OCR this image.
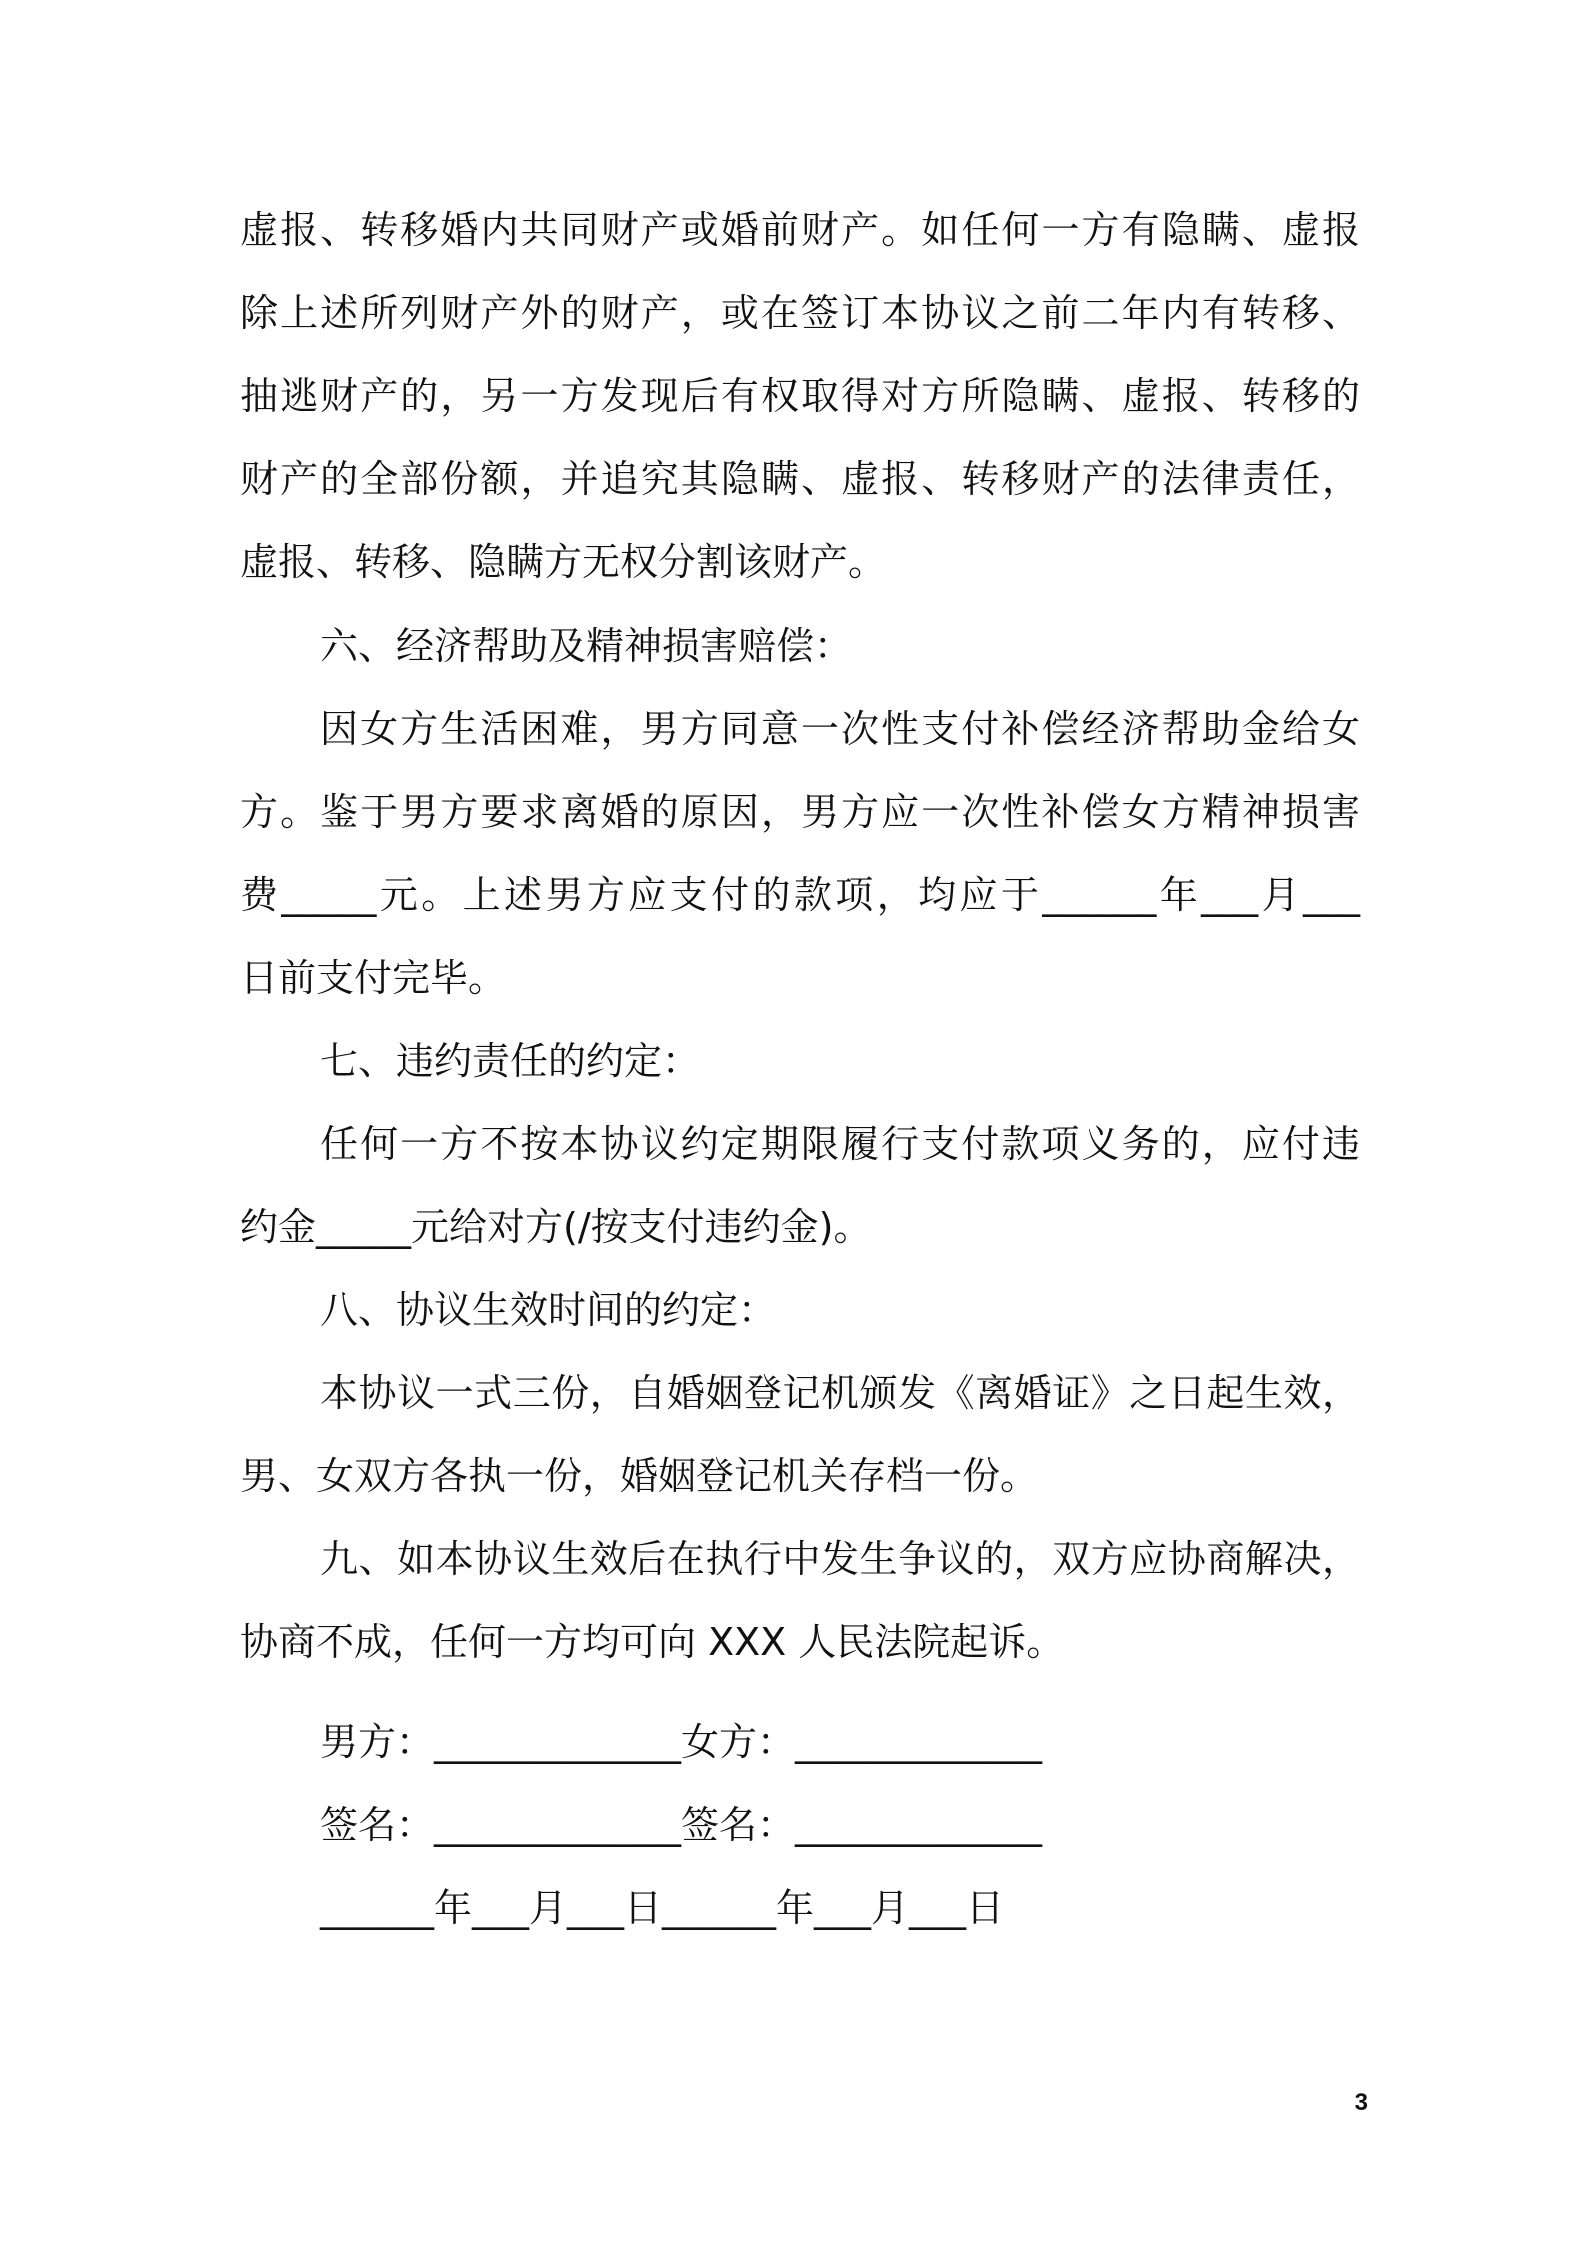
虚报、转移婚内共同财产或婚前财产。如任何一方有隐瞒、虚报

除上述所列财产外的财产，或在签订本协议之前二年内有转移、

抽逃财产的，另一方发现后有权取得对方所隐瞒、虚报、转移的

财产的全部份额，并追究其隐瞒、虚报、转移财产的法律责任，

虚报、转移、隐瞒方无权分割该财产。

六、经济帮助及精神损害赔偿：

因女方生活困难，男方同意一次性支付补偿经济帮助金给女

方。鉴于男方要求离婚的原因，男方应一次性补偿女方精神损害

费_____元。上述男方应支付的款项，均应于______年___月___

日前支付完毕。

七、违约责任的约定：

任何一方不按本协议约定期限履行支付款项义务的，应付违

约金_____元给对方(/按支付违约金)。

八、协议生效时间的约定：

本协议一式三份，自婚姻登记机颁发《离婚证》之日起生效，

男、女双方各执一份，婚姻登记机关存档一份。

九、如本协议生效后在执行中发生争议的，双方应协商解决，

协商不成，任何一方均可向 XXX 人民法院起诉。

男方：_____________女方：_____________

签名：_____________签名：_____________

______年___月___日______年___月___日

3
